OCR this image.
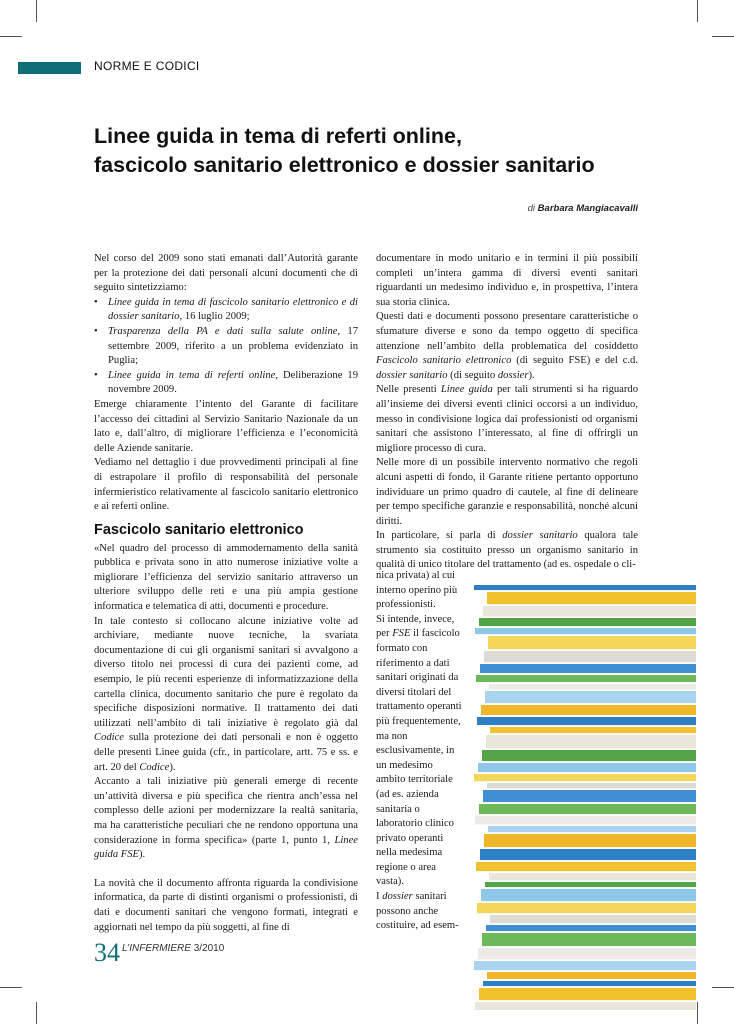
NORME E CODICI
Linee guida in tema di referti online,
fascicolo sanitario elettronico e dossier sanitario
di Barbara Mangiacavalli

Nel corso del 2009 sono stati emanati dall’Autorità garante per la protezione dei dati personali alcuni documenti che di seguito sintetizziamo:

• Linee guida in tema di fascicolo sanitario elettronico e di dossier sanitario, 16 luglio 2009;
• Trasparenza della PA e dati sulla salute online, 17 settembre 2009, riferito a un problema evidenziato in Puglia;
• Linee guida in tema di referti online, Deliberazione 19 novembre 2009.

Emerge chiaramente l’intento del Garante di facilitare l’accesso dei cittadini al Servizio Sanitario Nazionale da un lato e, dall’altro, di migliorare l’efficienza e l’economicità delle Aziende sanitarie.

Vediamo nel dettaglio i due provvedimenti principali al fine di estrapolare il profilo di responsabilità del personale infermieristico relativamente al fascicolo sanitario elettronico e ai referti online.

Fascicolo sanitario elettronico

«Nel quadro del processo di ammodernamento della sanità pubblica e privata sono in atto numerose iniziative volte a migliorare l’efficienza del servizio sanitario attraverso un ulteriore sviluppo delle reti e una più ampia gestione informatica e telematica di atti, documenti e procedure.

In tale contesto si collocano alcune iniziative volte ad archiviare, mediante nuove tecniche, la svariata documentazione di cui gli organismi sanitari si avvalgono a diverso titolo nei processi di cura dei pazienti come, ad esempio, le più recenti esperienze di informatizzazione della cartella clinica, documento sanitario che pure è regolato da specifiche disposizioni normative. Il trattamento dei dati utilizzati nell’ambito di tali iniziative è regolato già dal Codice sulla protezione dei dati personali e non è oggetto delle presenti Linee guida (cfr., in particolare, artt. 75 e ss. e art. 20 del Codice).

Accanto a tali iniziative più generali emerge di recente un’attività diversa e più specifica che rientra anch’essa nel complesso delle azioni per modernizzare la realtà sanitaria, ma ha caratteristiche peculiari che ne rendono opportuna una considerazione in forma specifica» (parte 1, punto 1, Linee guida FSE).

La novità che il documento affronta riguarda la condivisione informatica, da parte di distinti organismi o professionisti, di dati e documenti sanitari che vengono formati, integrati e aggiornati nel tempo da più soggetti, al fine di

documentare in modo unitario e in termini il più possibili completi un’intera gamma di diversi eventi sanitari riguardanti un medesimo individuo e, in prospettiva, l’intera sua storia clinica.

Questi dati e documenti possono presentare caratteristiche o sfumature diverse e sono da tempo oggetto di specifica attenzione nell’ambito della problematica del cosiddetto Fascicolo sanitario elettronico (di seguito FSE) e del c.d. dossier sanitario (di seguito dossier).

Nelle presenti Linee guida per tali strumenti si ha riguardo all’insieme dei diversi eventi clinici occorsi a un individuo, messo in condivisione logica dai professionisti od organismi sanitari che assistono l’interessato, al fine di offrirgli un migliore processo di cura.

Nelle more di un possibile intervento normativo che regoli alcuni aspetti di fondo, il Garante ritiene pertanto opportuno individuare un primo quadro di cautele, al fine di delineare per tempo specifiche garanzie e responsabilità, nonché alcuni diritti.

In particolare, si parla di dossier sanitario qualora tale strumento sia costituito presso un organismo sanitario in qualità di unico titolare del trattamento (ad es. ospedale o cli-

nica privata) al cui interno operino più professionisti.

Si intende, invece, per FSE il fascicolo formato con riferimento a dati sanitari originati da diversi titolari del trattamento operanti più frequentemente, ma non esclusivamente, in un medesimo ambito territoriale (ad es. azienda sanitaria o laboratorio clinico privato operanti nella medesima regione o area vasta).

I dossier sanitari possono anche costituire, ad esem-

34 $^{L’INFERMIERE 3/2010}$
